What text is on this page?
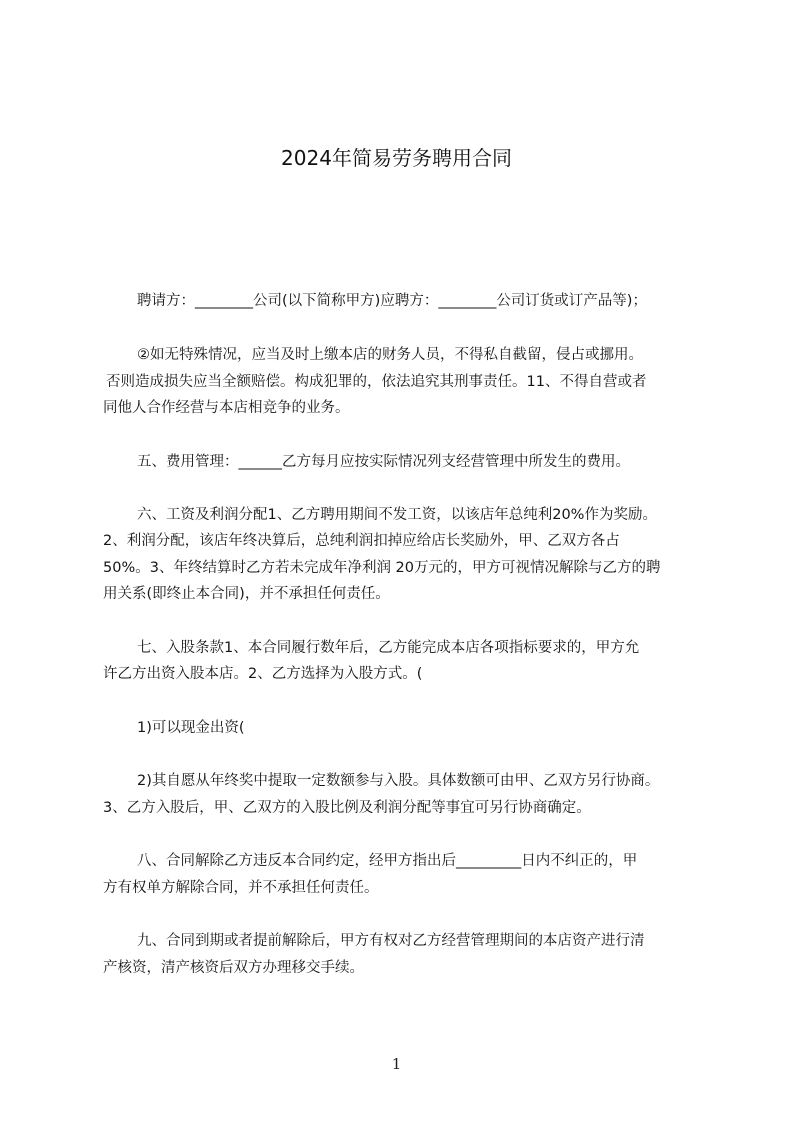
2024年简易劳务聘用合同
聘请方：________公司(以下简称甲方)应聘方：________公司订货或订产品等)；
②如无特殊情况，应当及时上缴本店的财务人员，不得私自截留，侵占或挪用。
否则造成损失应当全额赔偿。构成犯罪的，依法追究其刑事责任。11、不得自营或者
同他人合作经营与本店相竞争的业务。
五、费用管理：______乙方每月应按实际情况列支经营管理中所发生的费用。
六、工资及利润分配1、乙方聘用期间不发工资，以该店年总纯利20%作为奖励。
2、利润分配，该店年终决算后，总纯利润扣掉应给店长奖励外，甲、乙双方各占
50%。3、年终结算时乙方若未完成年净利润 20万元的，甲方可视情况解除与乙方的聘
用关系(即终止本合同)，并不承担任何责任。
七、入股条款1、本合同履行数年后，乙方能完成本店各项指标要求的，甲方允
许乙方出资入股本店。2、乙方选择为入股方式。(
1)可以现金出资(
2)其自愿从年终奖中提取一定数额参与入股。具体数额可由甲、乙双方另行协商。
3、乙方入股后，甲、乙双方的入股比例及利润分配等事宜可另行协商确定。
八、合同解除乙方违反本合同约定，经甲方指出后_________日内不纠正的，甲
方有权单方解除合同，并不承担任何责任。
九、合同到期或者提前解除后，甲方有权对乙方经营管理期间的本店资产进行清
产核资，清产核资后双方办理移交手续。
1
